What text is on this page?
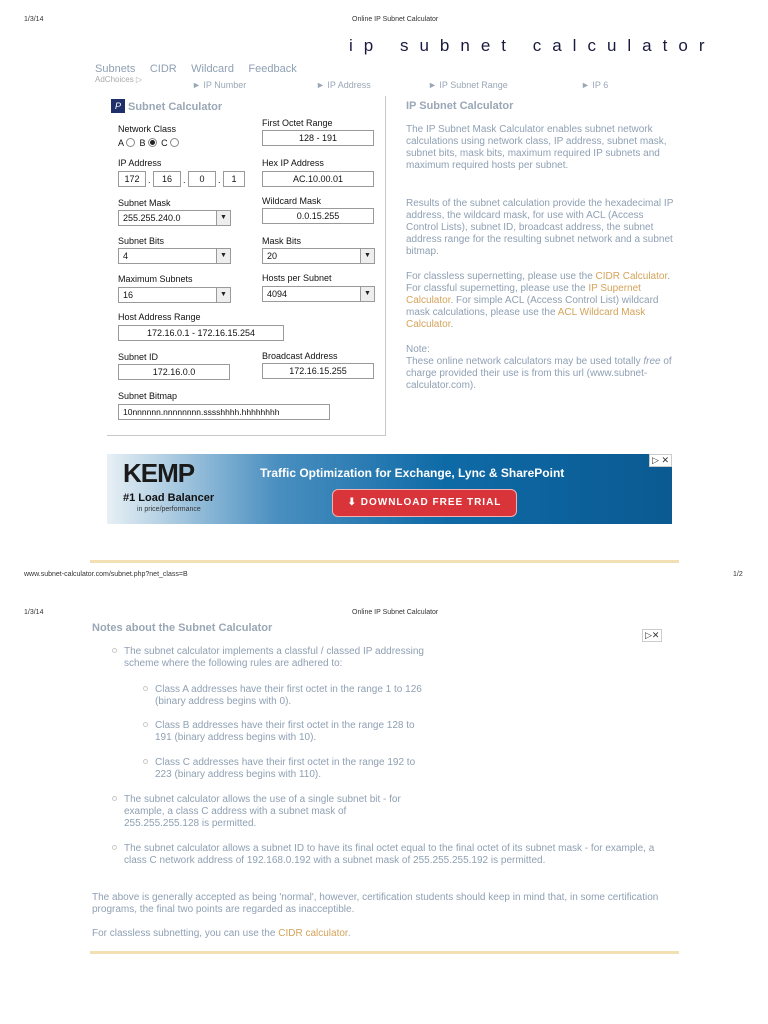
1/3/14	Online IP Subnet Calculator
ip subnet calculator
Subnets CIDR Wildcard Feedback
AdChoices ▷
► IP Number	► IP Address	► IP Subnet Range	► IP 6
P Subnet Calculator
Network Class
A B C
First Octet Range
128 - 191
IP Address
172 .	16	.	0	.	1
Hex IP Address
AC.10.00.01
Subnet Mask
255.255.240.0	▼
Wildcard Mask
0.0.15.255
Subnet Bits
4	▼
Mask Bits
20	▼
Maximum Subnets
16	▼
Hosts per Subnet
4094	▼
Host Address Range
172.16.0.1 - 172.16.15.254
Subnet ID
172.16.0.0
Broadcast Address
172.16.15.255
Subnet Bitmap
10nnnnnn.nnnnnnnn.sssshhhh.hhhhhhhh
IP Subnet Calculator
The IP Subnet Mask Calculator enables subnet network calculations using network class, IP address, subnet mask, subnet bits, mask bits, maximum required IP subnets and maximum required hosts per subnet.
Results of the subnet calculation provide the hexadecimal IP address, the wildcard mask, for use with ACL (Access Control Lists), subnet ID, broadcast address, the subnet address range for the resulting subnet network and a subnet bitmap.
For classless supernetting, please use the CIDR Calculator. For classful supernetting, please use the IP Supernet Calculator. For simple ACL (Access Control List) wildcard mask calculations, please use the ACL Wildcard Mask Calculator.
Note:
These online network calculators may be used totally free of charge provided their use is from this url (www.subnet-calculator.com).
KEMP
#1 Load Balancer
in price/performance
Traffic Optimization for Exchange, Lync & SharePoint
⬇ DOWNLOAD FREE TRIAL
▷ ✕
www.subnet-calculator.com/subnet.php?net_class=B	1/2
1/3/14	Online IP Subnet Calculator
Notes about the Subnet Calculator
▷✕
The subnet calculator implements a classful / classed IP addressing scheme where the following rules are adhered to:
Class A addresses have their first octet in the range 1 to 126 (binary address begins with 0).
Class B addresses have their first octet in the range 128 to 191 (binary address begins with 10).
Class C addresses have their first octet in the range 192 to 223 (binary address begins with 110).
The subnet calculator allows the use of a single subnet bit - for example, a class C address with a subnet mask of 255.255.255.128 is permitted.
The subnet calculator allows a subnet ID to have its final octet equal to the final octet of its subnet mask - for example, a class C network address of 192.168.0.192 with a subnet mask of 255.255.255.192 is permitted.
The above is generally accepted as being 'normal', however, certification students should keep in mind that, in some certification programs, the final two points are regarded as inacceptible.
For classless subnetting, you can use the CIDR calculator.
